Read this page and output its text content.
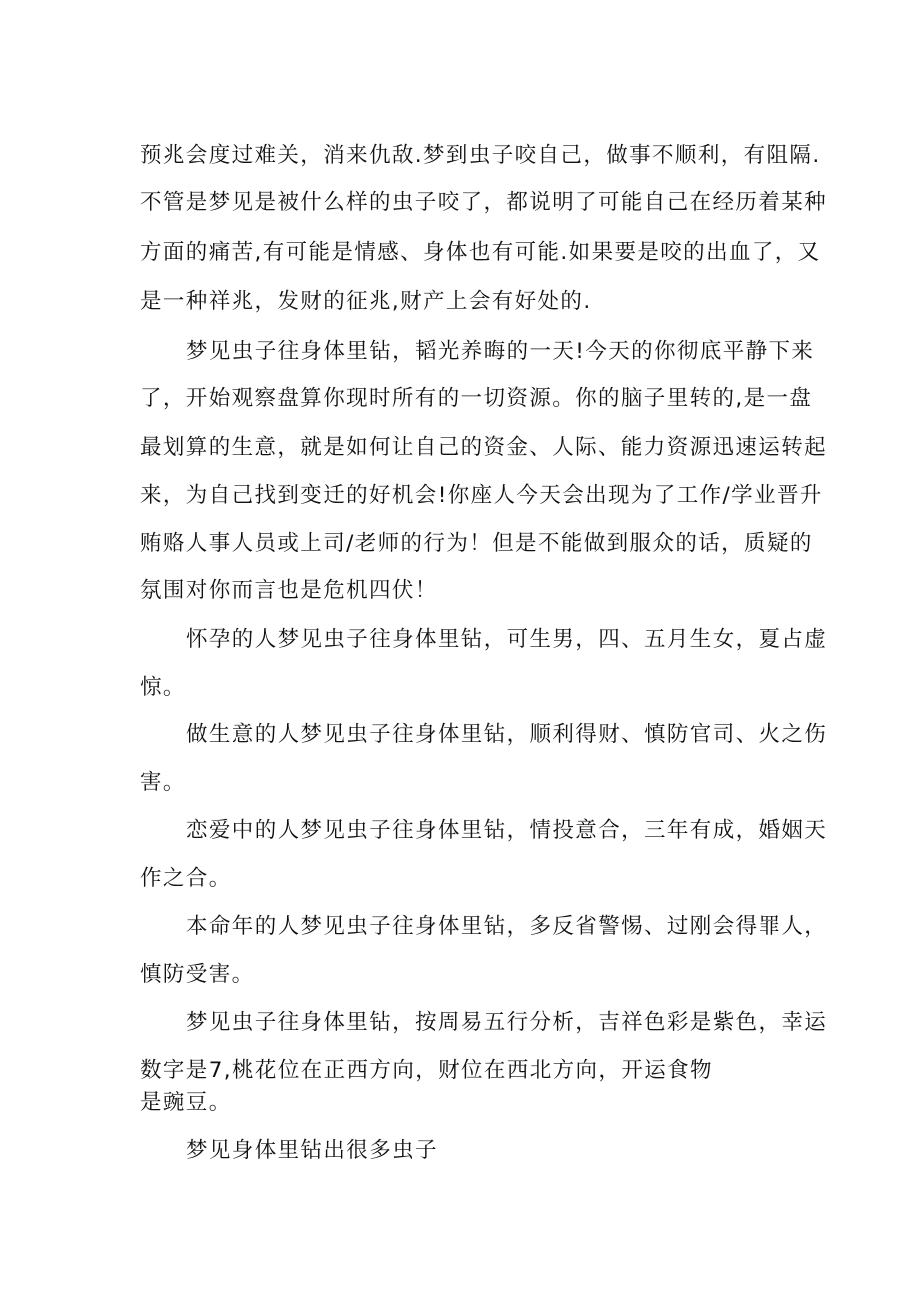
预兆会度过难关，消来仇敌.梦到虫子咬自己，做事不顺利，有阻隔.
不管是梦见是被什么样的虫子咬了，都说明了可能自己在经历着某种
方面的痛苦,有可能是情感、身体也有可能.如果要是咬的出血了，又
是一种祥兆，发财的征兆,财产上会有好处的.
梦见虫子往身体里钻，韬光养晦的一天!今天的你彻底平静下来
了，开始观察盘算你现时所有的一切资源。你的脑子里转的,是一盘
最划算的生意，就是如何让自己的资金、人际、能力资源迅速运转起
来，为自己找到变迁的好机会!你座人今天会出现为了工作/学业晋升
贿赂人事人员或上司/老师的行为！但是不能做到服众的话，质疑的
氛围对你而言也是危机四伏！
怀孕的人梦见虫子往身体里钻，可生男，四、五月生女，夏占虚
惊。
做生意的人梦见虫子往身体里钻，顺利得财、慎防官司、火之伤
害。
恋爱中的人梦见虫子往身体里钻，情投意合，三年有成，婚姻天
作之合。
本命年的人梦见虫子往身体里钻，多反省警惕、过刚会得罪人，
慎防受害。
梦见虫子往身体里钻，按周易五行分析，吉祥色彩是紫色，幸运
数字是7,桃花位在正西方向，财位在西北方向，开运食物
是豌豆。
梦见身体里钻出很多虫子
